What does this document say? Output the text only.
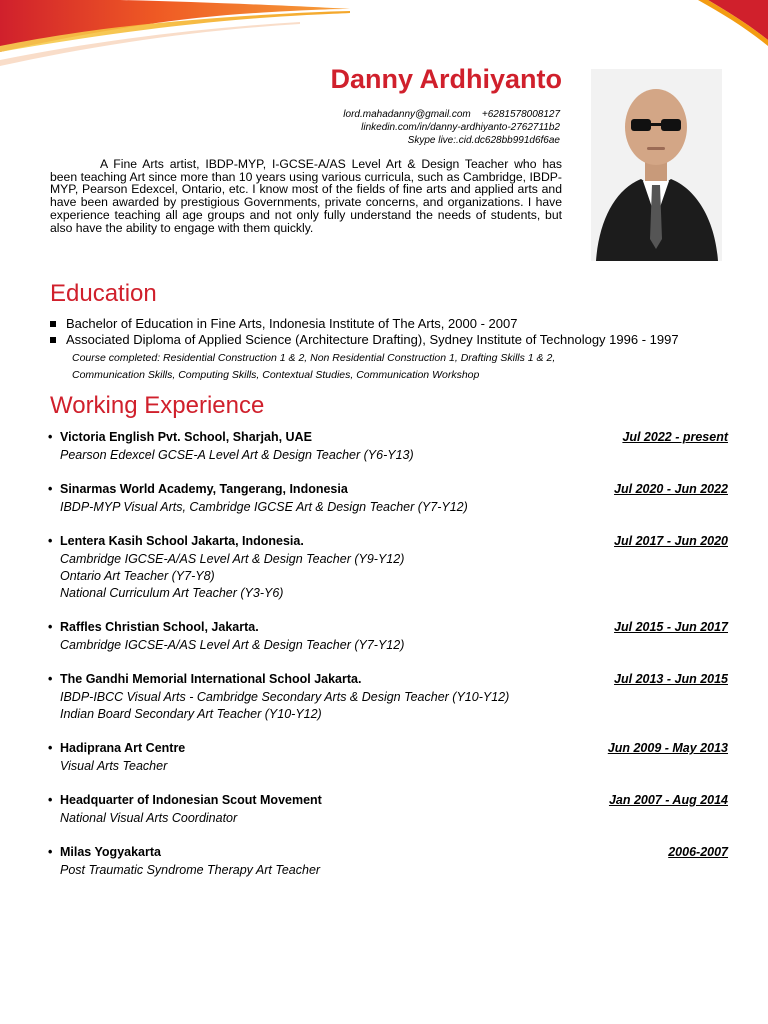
Danny Ardhiyanto
lord.mahadanny@gmail.com +6281578008127
linkedin.com/in/danny-ardhiyanto-2762711b2
Skype live:.cid.dc628bb991d6f6ae

A Fine Arts artist, IBDP-MYP, I-GCSE-A/AS Level Art & Design Teacher who has been teaching Art since more than 10 years using various curricula, such as Cambridge, IBDP-MYP, Pearson Edexcel, Ontario, etc. I know most of the fields of fine arts and applied arts and have been awarded by prestigious Governments, private concerns, and organizations. I have experience teaching all age groups and not only fully understand the needs of students, but also have the ability to engage with them quickly.

Education
Bachelor of Education in Fine Arts, Indonesia Institute of The Arts, 2000 - 2007
Associated Diploma of Applied Science (Architecture Drafting), Sydney Institute of Technology 1996 - 1997
Course completed: Residential Construction 1 & 2, Non Residential Construction 1, Drafting Skills 1 & 2,
Communication Skills, Computing Skills, Contextual Studies, Communication Workshop
Working Experience
• Victoria English Pvt. School, Sharjah, UAE	Jul 2022 - present
Pearson Edexcel GCSE-A Level Art & Design Teacher (Y6-Y13)
• Sinarmas World Academy, Tangerang, Indonesia	Jul 2020 - Jun 2022
IBDP-MYP Visual Arts, Cambridge IGCSE Art & Design Teacher (Y7-Y12)
• Lentera Kasih School Jakarta, Indonesia.	Jul 2017 - Jun 2020
Cambridge IGCSE-A/AS Level Art & Design Teacher (Y9-Y12)
Ontario Art Teacher (Y7-Y8)
National Curriculum Art Teacher (Y3-Y6)
• Raffles Christian School, Jakarta.	Jul 2015 - Jun 2017
Cambridge IGCSE-A/AS Level Art & Design Teacher (Y7-Y12)
• The Gandhi Memorial International School Jakarta.	Jul 2013 - Jun 2015
IBDP-IBCC Visual Arts - Cambridge Secondary Arts & Design Teacher (Y10-Y12)
Indian Board Secondary Art Teacher (Y10-Y12)
• Hadiprana Art Centre	Jun 2009 - May 2013
Visual Arts Teacher
• Headquarter of Indonesian Scout Movement	Jan 2007 - Aug 2014
National Visual Arts Coordinator
• Milas Yogyakarta	2006-2007
Post Traumatic Syndrome Therapy Art Teacher
